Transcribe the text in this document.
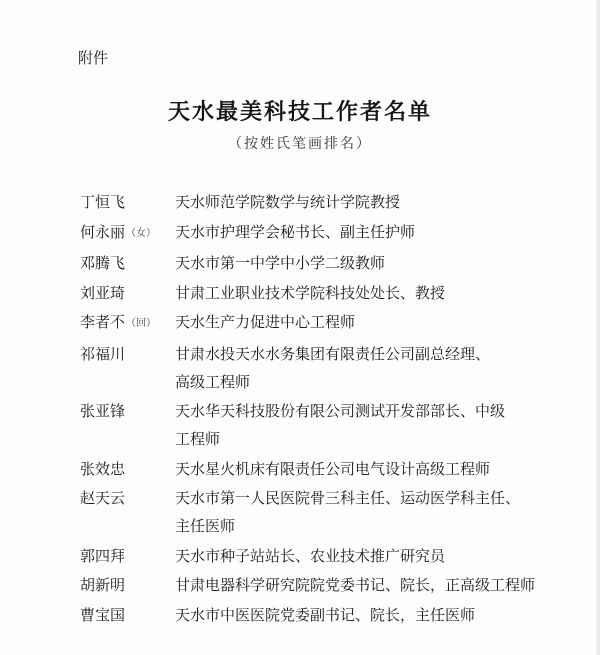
附件
天水最美科技工作者名单
（按姓氏笔画排名）
丁恒飞	天水师范学院数学与统计学院教授
何永丽（女）	天水市护理学会秘书长、副主任护师
邓腾飞	天水市第一中学中小学二级教师
刘亚琦	甘肃工业职业技术学院科技处处长、教授
李者不（回）	天水生产力促进中心工程师
祁福川	甘肃水投天水水务集团有限责任公司副总经理、
高级工程师
张亚锋	天水华天科技股份有限公司测试开发部部长、中级
工程师
张效忠	天水星火机床有限责任公司电气设计高级工程师
赵天云	天水市第一人民医院骨三科主任、运动医学科主任、
主任医师
郭四拜	天水市种子站站长、农业技术推广研究员
胡新明	甘肃电器科学研究院院党委书记、院长，正高级工程师
曹宝国	天水市中医医院党委副书记、院长，主任医师
